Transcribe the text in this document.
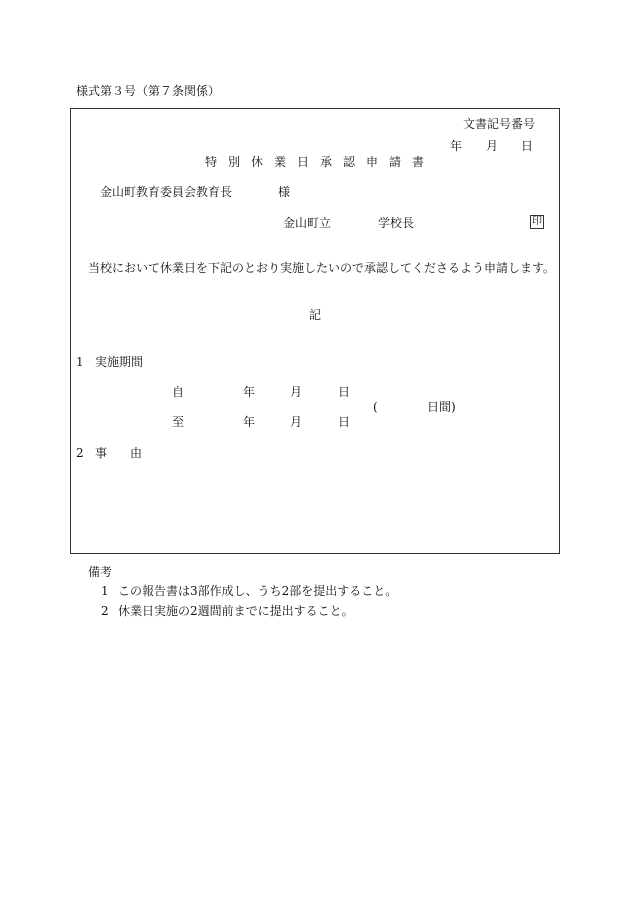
様式第３号（第７条関係）
文書記号番号
年 月 日
特 別 休 業 日 承 認 申 請 書
金山町教育委員会教育長	様
金山町立	学校長	印
当校において休業日を下記のとおり実施したいので承認してくださるよう申請します。
記
1 実施期間
自	年	月	日
(	日間)
至	年	月	日
2 事 由
備考
1 この報告書は3部作成し、うち2部を提出すること。
2 休業日実施の2週間前までに提出すること。
